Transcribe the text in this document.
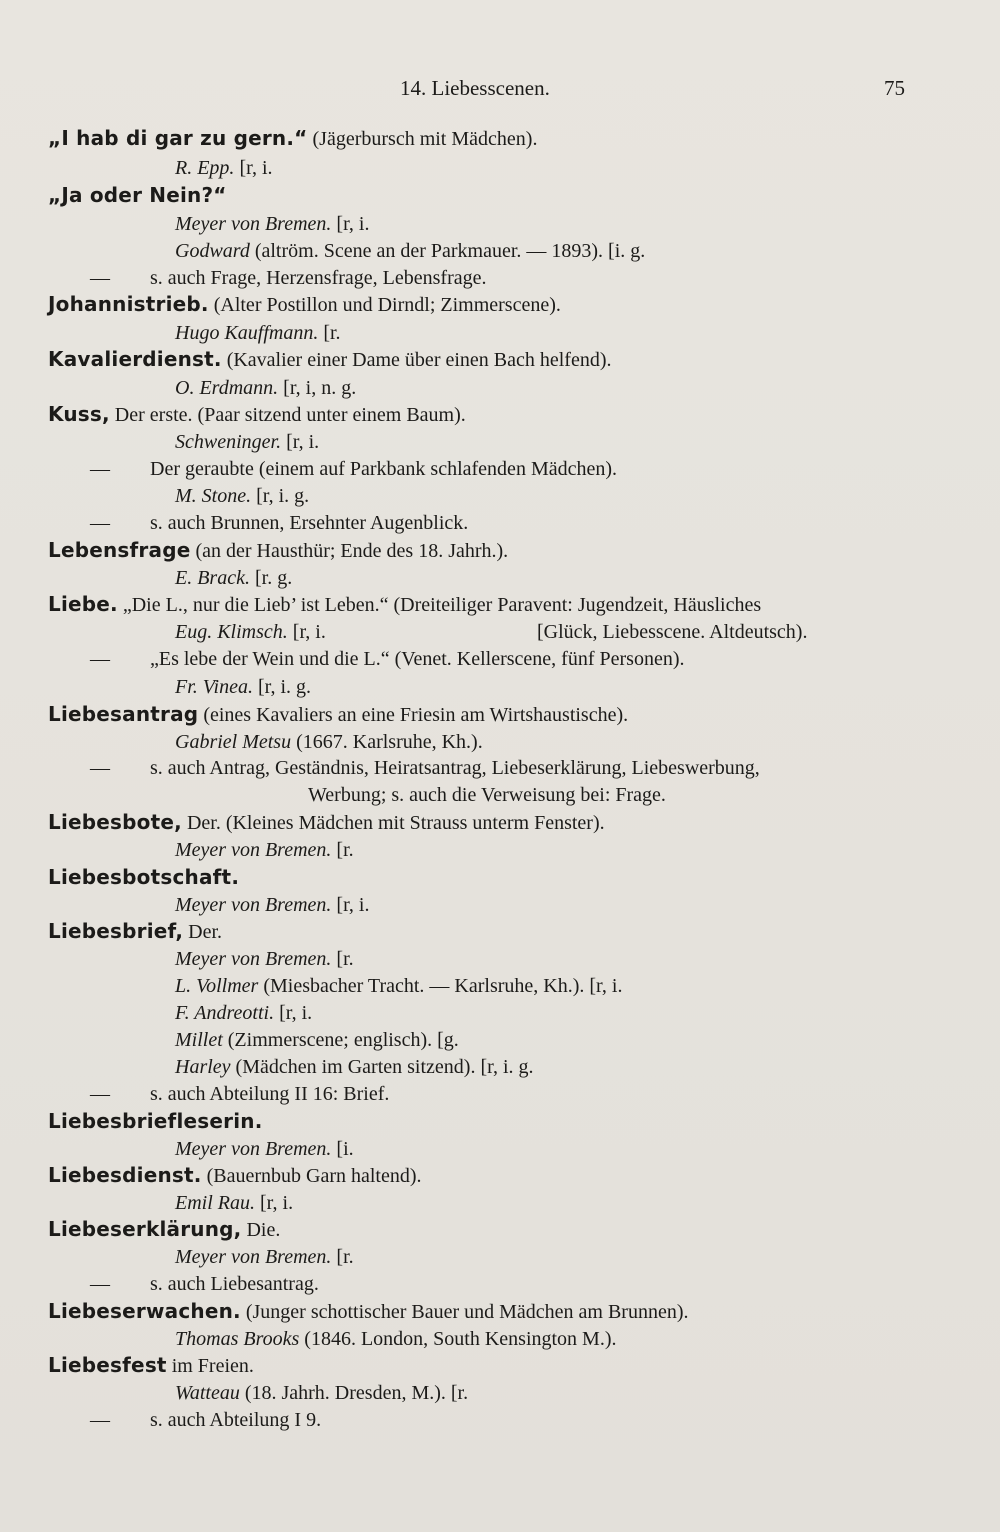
14. Liebesscenen.	75
„I hab di gar zu gern.“ (Jägerbursch mit Mädchen).
R. Epp. [r, i.
„Ja oder Nein?“
Meyer von Bremen. [r, i.
Godward (altröm. Scene an der Parkmauer. — 1893). [i. g.
— s. auch Frage, Herzensfrage, Lebensfrage.
Johannistrieb. (Alter Postillon und Dirndl; Zimmerscene).
Hugo Kauffmann. [r.
Kavalierdienst. (Kavalier einer Dame über einen Bach helfend).
O. Erdmann. [r, i, n. g.
Kuss, Der erste. (Paar sitzend unter einem Baum).
Schweninger. [r, i.
— Der geraubte (einem auf Parkbank schlafenden Mädchen).
M. Stone. [r, i. g.
— s. auch Brunnen, Ersehnter Augenblick.
Lebensfrage (an der Hausthür; Ende des 18. Jahrh.).
E. Brack. [r. g.
Liebe. „Die L., nur die Lieb’ ist Leben.“ (Dreiteiliger Paravent: Jugendzeit, Häusliches
Eug. Klimsch. [r, i.	[Glück, Liebesscene. Altdeutsch).
— „Es lebe der Wein und die L.“ (Venet. Kellerscene, fünf Personen).
Fr. Vinea. [r, i. g.
Liebesantrag (eines Kavaliers an eine Friesin am Wirtshaustische).
Gabriel Metsu (1667. Karlsruhe, Kh.).
— s. auch Antrag, Geständnis, Heiratsantrag, Liebeserklärung, Liebeswerbung,
Werbung; s. auch die Verweisung bei: Frage.
Liebesbote, Der. (Kleines Mädchen mit Strauss unterm Fenster).
Meyer von Bremen. [r.
Liebesbotschaft.
Meyer von Bremen. [r, i.
Liebesbrief, Der.
Meyer von Bremen. [r.
L. Vollmer (Miesbacher Tracht. — Karlsruhe, Kh.). [r, i.
F. Andreotti. [r, i.
Millet (Zimmerscene; englisch). [g.
Harley (Mädchen im Garten sitzend). [r, i. g.
— s. auch Abteilung II 16: Brief.
Liebesbriefleserin.
Meyer von Bremen. [i.
Liebesdienst. (Bauernbub Garn haltend).
Emil Rau. [r, i.
Liebeserklärung, Die.
Meyer von Bremen. [r.
— s. auch Liebesantrag.
Liebeserwachen. (Junger schottischer Bauer und Mädchen am Brunnen).
Thomas Brooks (1846. London, South Kensington M.).
Liebesfest im Freien.
Watteau (18. Jahrh. Dresden, M.). [r.
— s. auch Abteilung I 9.
